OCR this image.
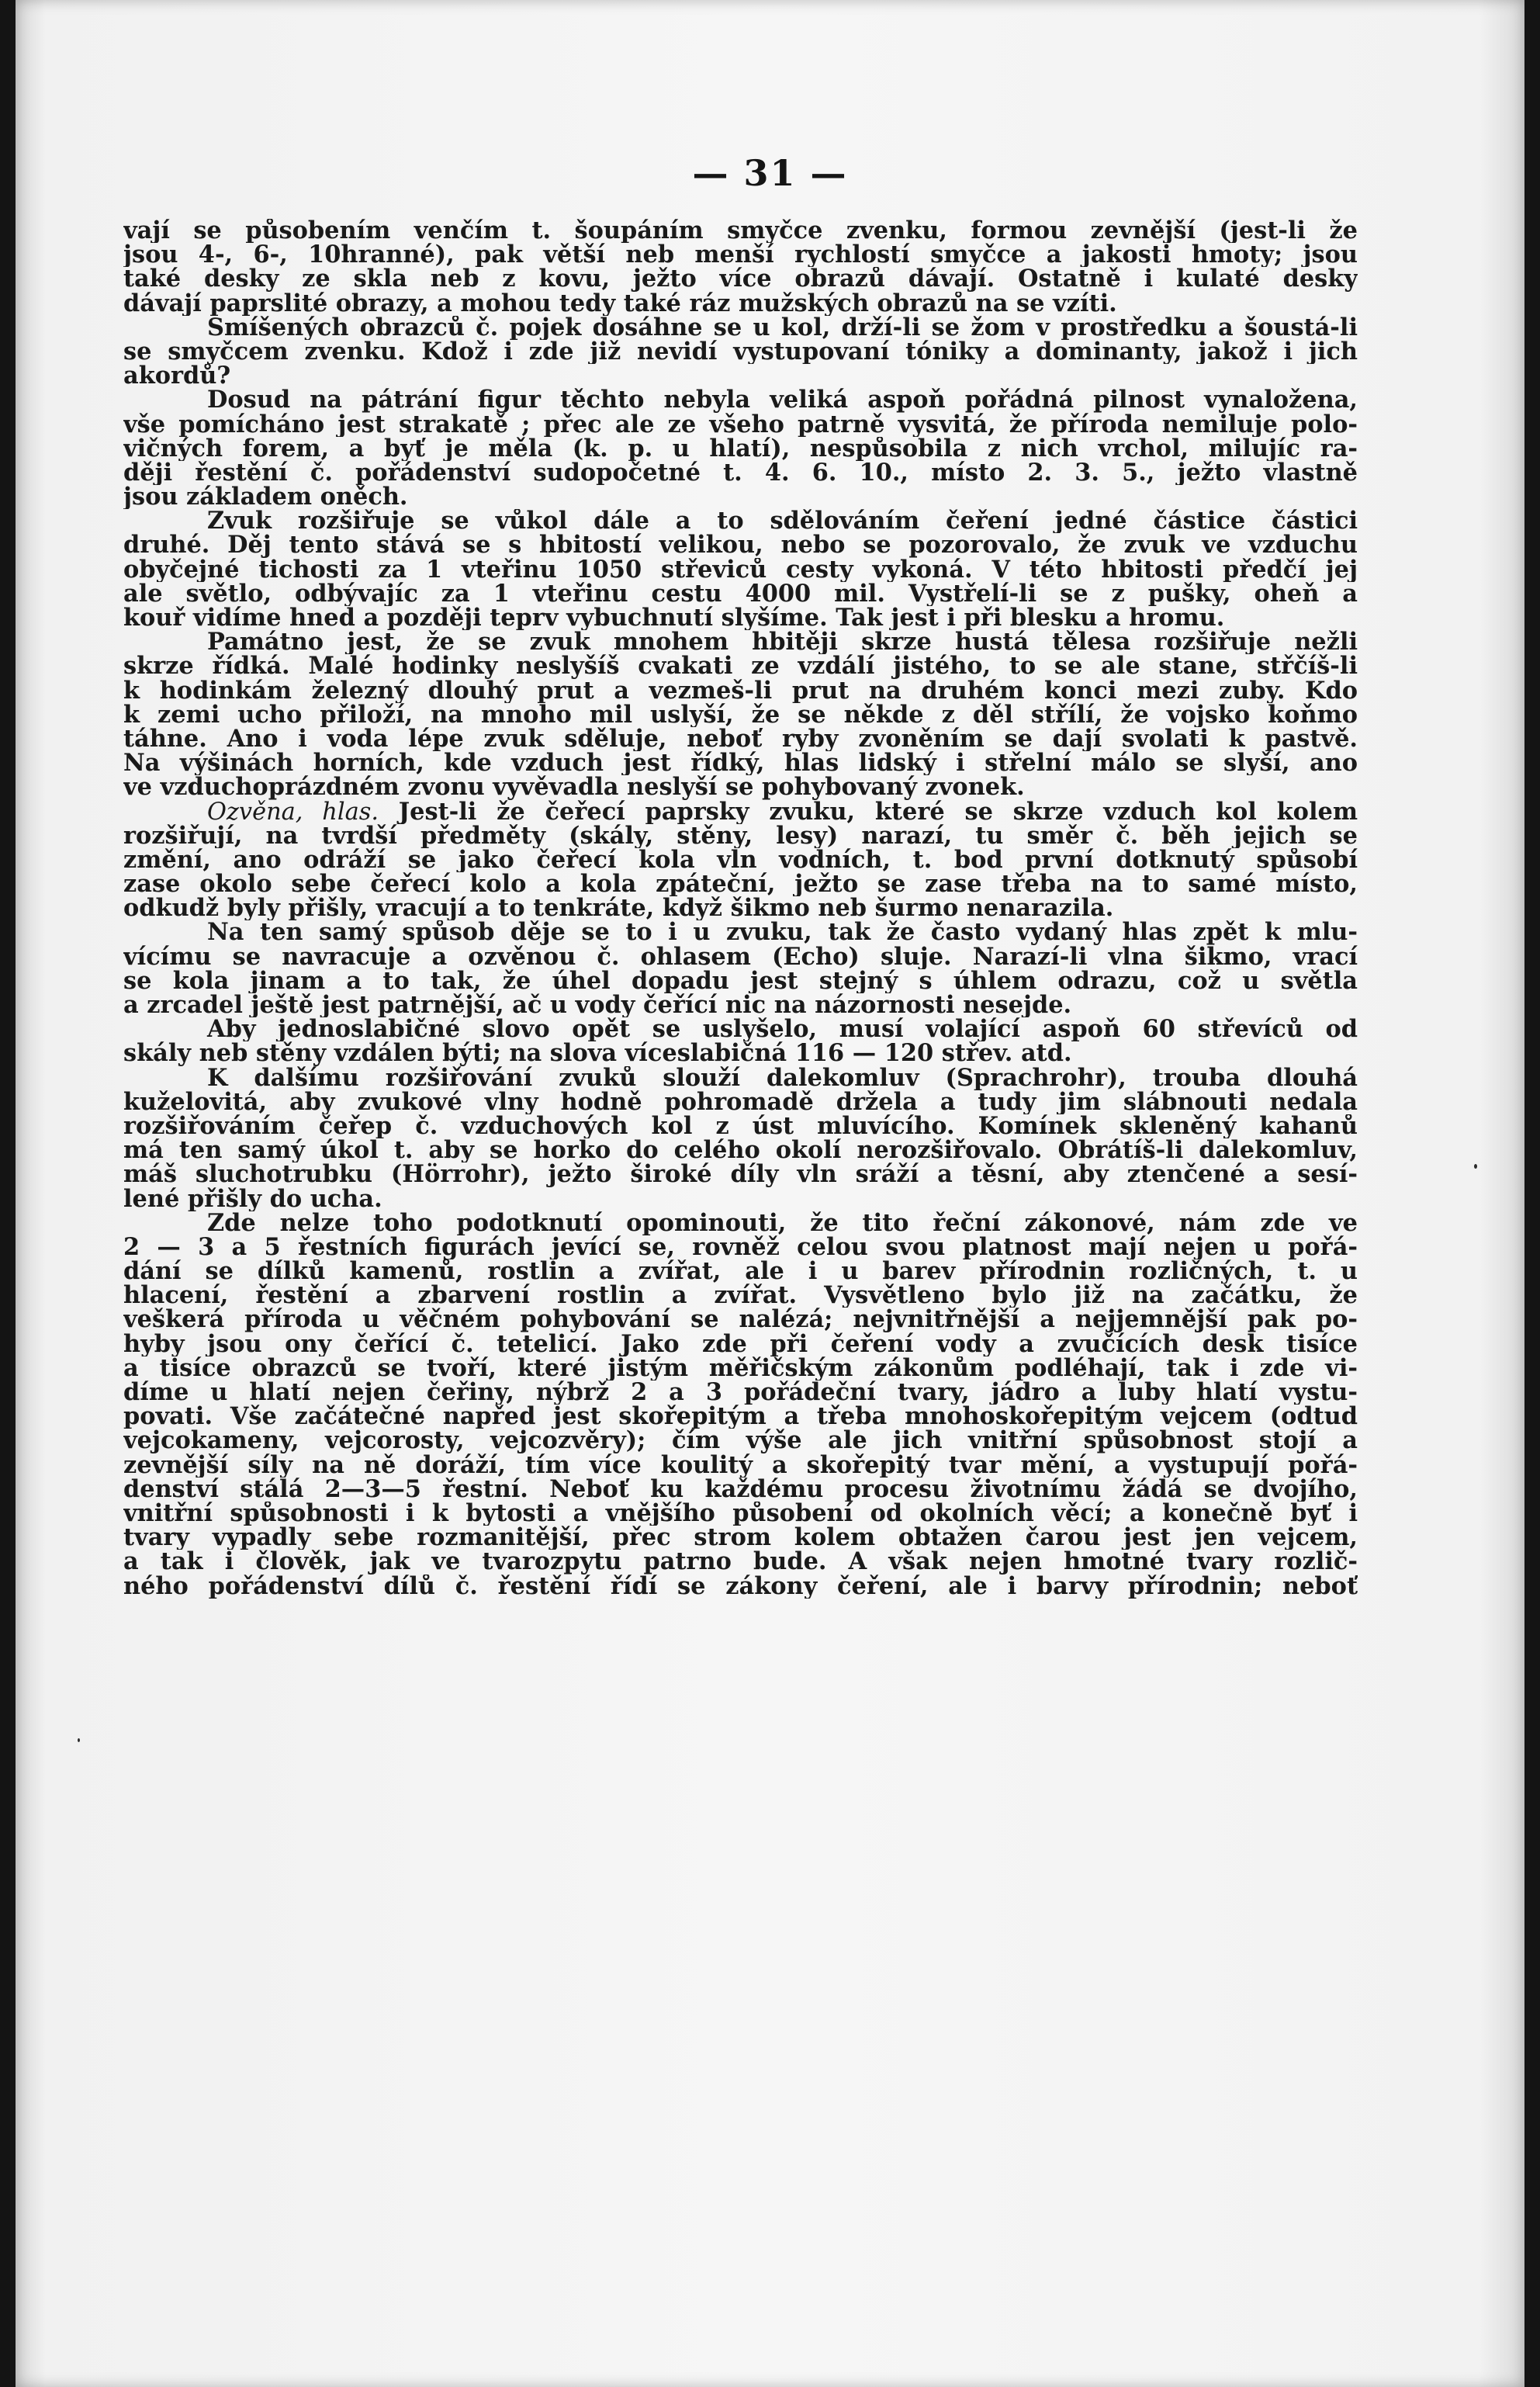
— 31 —
vají se působením venčím t. šoupáním smyčce zvenku, formou zevnější (jest-li že
jsou 4-, 6-, 10hranné), pak větší neb menší rychlostí smyčce a jakosti hmoty; jsou
také desky ze skla neb z kovu, ježto více obrazů dávají. Ostatně i kulaté desky
dávají paprslité obrazy, a mohou tedy také ráz mužských obrazů na se vzíti.
Smíšených obrazců č. pojek dosáhne se u kol, drží-li se žom v prostředku a šoustá-li
se smyčcem zvenku. Kdož i zde již nevidí vystupovaní tóniky a dominanty, jakož i jich
akordů?
Dosud na pátrání figur těchto nebyla veliká aspoň pořádná pilnost vynaložena,
vše pomícháno jest strakatě ; přec ale ze všeho patrně vysvitá, že příroda nemiluje polo-
vičných forem, a byť je měla (k. p. u hlatí), nespůsobila z nich vrchol, milujíc ra-
ději řestění č. pořádenství sudopočetné t. 4. 6. 10., místo 2. 3. 5., ježto vlastně
jsou základem oněch.
Zvuk rozšiřuje se vůkol dále a to sdělováním čeření jedné částice částici
druhé. Děj tento stává se s hbitostí velikou, nebo se pozorovalo, že zvuk ve vzduchu
obyčejné tichosti za 1 vteřinu 1050 střeviců cesty vykoná. V této hbitosti předčí jej
ale světlo, odbývajíc za 1 vteřinu cestu 4000 mil. Vystřelí-li se z pušky, oheň a
kouř vidíme hned a později teprv vybuchnutí slyšíme. Tak jest i při blesku a hromu.
Památno jest, že se zvuk mnohem hbitěji skrze hustá tělesa rozšiřuje nežli
skrze řídká. Malé hodinky neslyšíš cvakati ze vzdálí jistého, to se ale stane, střčíš-li
k hodinkám železný dlouhý prut a vezmeš-li prut na druhém konci mezi zuby. Kdo
k zemi ucho přiloží, na mnoho mil uslyší, že se někde z děl střílí, že vojsko koňmo
táhne. Ano i voda lépe zvuk sděluje, neboť ryby zvoněním se dají svolati k pastvě.
Na výšinách horních, kde vzduch jest řídký, hlas lidský i střelní málo se slyší, ano
ve vzduchoprázdném zvonu vyvěvadla neslyší se pohybovaný zvonek.
Ozvěna, hlas. Jest-li že čeřecí paprsky zvuku, které se skrze vzduch kol kolem
rozšiřují, na tvrdší předměty (skály, stěny, lesy) narazí, tu směr č. běh jejich se
změní, ano odráží se jako čeřecí kola vln vodních, t. bod první dotknutý spůsobí
zase okolo sebe čeřecí kolo a kola zpáteční, ježto se zase třeba na to samé místo,
odkudž byly přišly, vracují a to tenkráte, když šikmo neb šurmo nenarazila.
Na ten samý spůsob děje se to i u zvuku, tak že často vydaný hlas zpět k mlu-
vícímu se navracuje a ozvěnou č. ohlasem (Echo) sluje. Narazí-li vlna šikmo, vrací
se kola jinam a to tak, že úhel dopadu jest stejný s úhlem odrazu, což u světla
a zrcadel ještě jest patrnější, ač u vody čeřící nic na názornosti nesejde.
Aby jednoslabičné slovo opět se uslyšelo, musí volající aspoň 60 střevíců od
skály neb stěny vzdálen býti; na slova víceslabičná 116 — 120 střev. atd.
K dalšímu rozšiřování zvuků slouží dalekomluv (Sprachrohr), trouba dlouhá
kuželovitá, aby zvukové vlny hodně pohromadě držela a tudy jim slábnouti nedala
rozšiřováním čeřep č. vzduchových kol z úst mluvícího. Komínek skleněný kahanů
má ten samý úkol t. aby se horko do celého okolí nerozšiřovalo. Obrátíš-li dalekomluv,
máš sluchotrubku (Hörrohr), ježto široké díly vln sráží a těsní, aby ztenčené a sesí-
lené přišly do ucha.
Zde nelze toho podotknutí opominouti, že tito řeční zákonové, nám zde ve
2 — 3 a 5 řestních figurách jevící se, rovněž celou svou platnost mají nejen u pořá-
dání se dílků kamenů, rostlin a zvířat, ale i u barev přírodnin rozličných, t. u
hlacení, řestění a zbarvení rostlin a zvířat. Vysvětleno bylo již na začátku, že
veškerá příroda u věčném pohybování se nalézá; nejvnitřnější a nejjemnější pak po-
hyby jsou ony čeřící č. tetelicí. Jako zde při čeření vody a zvučících desk tisíce
a tisíce obrazců se tvoří, které jistým měřičským zákonům podléhají, tak i zde vi-
díme u hlatí nejen čeřiny, nýbrž 2 a 3 pořádeční tvary, jádro a luby hlatí vystu-
povati. Vše začátečné napřed jest skořepitým a třeba mnohoskořepitým vejcem (odtud
vejcokameny, vejcorosty, vejcozvěry); čím výše ale jich vnitřní spůsobnost stojí a
zevnější síly na ně doráží, tím více koulitý a skořepitý tvar mění, a vystupují pořá-
denství stálá 2—3—5 řestní. Neboť ku každému procesu životnímu žádá se dvojího,
vnitřní spůsobnosti i k bytosti a vnějšího působení od okolních věcí; a konečně byť i
tvary vypadly sebe rozmanitější, přec strom kolem obtažen čarou jest jen vejcem,
a tak i člověk, jak ve tvarozpytu patrno bude. A však nejen hmotné tvary rozlič-
ného pořádenství dílů č. řestění řídí se zákony čeření, ale i barvy přírodnin; neboť
